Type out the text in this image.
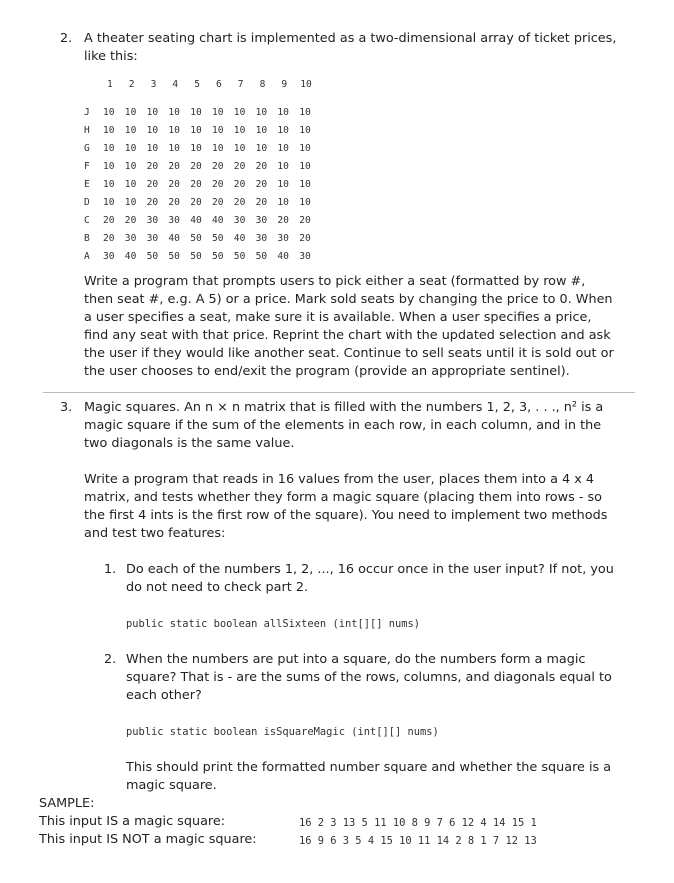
2. A theater seating chart is implemented as a two-dimensional array of ticket prices,
like this:
1 2 3 4 5 6 7 8 9 10
J 10 10 10 10 10 10 10 10 10 10
H 10 10 10 10 10 10 10 10 10 10
G 10 10 10 10 10 10 10 10 10 10
F 10 10 20 20 20 20 20 20 10 10
E 10 10 20 20 20 20 20 20 10 10
D 10 10 20 20 20 20 20 20 10 10
C 20 20 30 30 40 40 30 30 20 20
B 20 30 30 40 50 50 40 30 30 20
A 30 40 50 50 50 50 50 50 40 30
Write a program that prompts users to pick either a seat (formatted by row #,
then seat #, e.g. A 5) or a price. Mark sold seats by changing the price to 0. When
a user specifies a seat, make sure it is available. When a user specifies a price,
find any seat with that price. Reprint the chart with the updated selection and ask
the user if they would like another seat. Continue to sell seats until it is sold out or
the user chooses to end/exit the program (provide an appropriate sentinel).
3. Magic squares. An n × n matrix that is filled with the numbers 1, 2, 3, . . ., n² is a
magic square if the sum of the elements in each row, in each column, and in the
two diagonals is the same value.
Write a program that reads in 16 values from the user, places them into a 4 x 4
matrix, and tests whether they form a magic square (placing them into rows - so
the first 4 ints is the first row of the square). You need to implement two methods
and test two features:
1. Do each of the numbers 1, 2, ..., 16 occur once in the user input? If not, you
do not need to check part 2.
public static boolean allSixteen (int[][] nums)
2. When the numbers are put into a square, do the numbers form a magic
square? That is - are the sums of the rows, columns, and diagonals equal to
each other?
public static boolean isSquareMagic (int[][] nums)
This should print the formatted number square and whether the square is a
magic square.
SAMPLE:
This input IS a magic square:	16 2 3 13 5 11 10 8 9 7 6 12 4 14 15 1
This input IS NOT a magic square:	16 9 6 3 5 4 15 10 11 14 2 8 1 7 12 13
